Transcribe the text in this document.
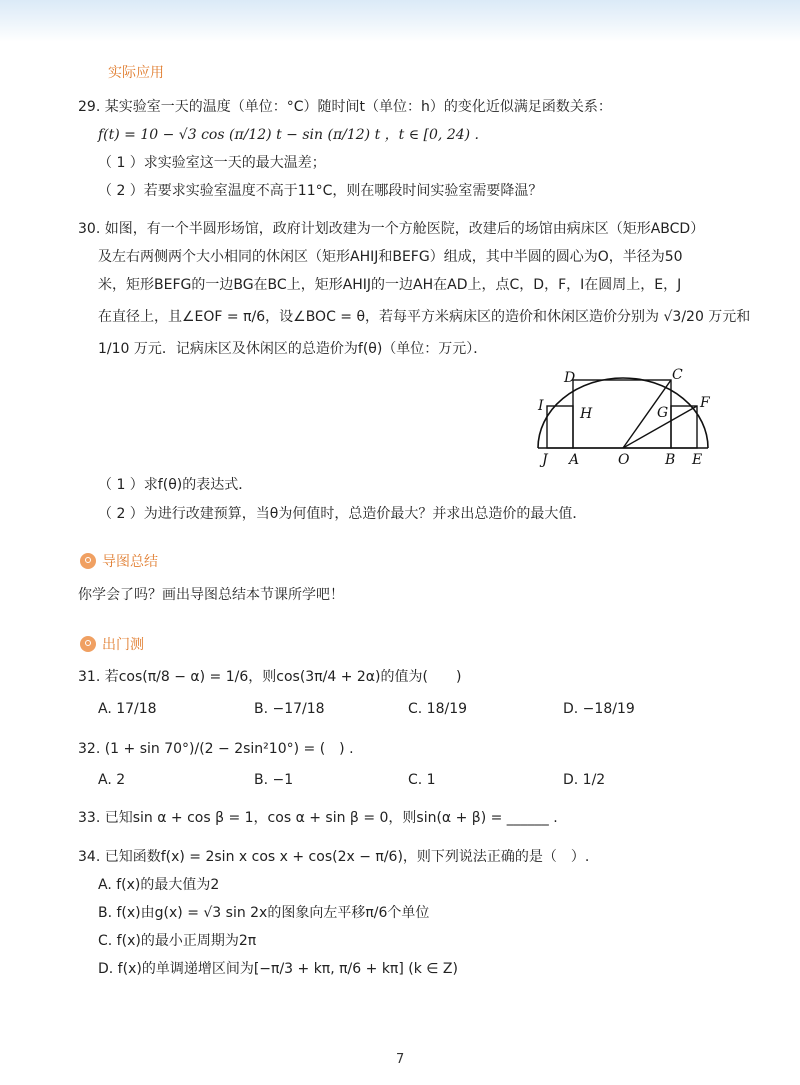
实际应用
29. 某实验室一天的温度（单位：°C）随时间t（单位：h）的变化近似满足函数关系：
f(t) = 10 − √3 cos (π/12) t − sin (π/12) t ，t ∈ [0, 24) .
（ 1 ）求实验室这一天的最大温差；
（ 2 ）若要求实验室温度不高于11°C，则在哪段时间实验室需要降温？
30. 如图，有一个半圆形场馆，政府计划改建为一个方舱医院，改建后的场馆由病床区（矩形ABCD）
及左右两侧两个大小相同的休闲区（矩形AHIJ和BEFG）组成，其中半圆的圆心为O，半径为50
米，矩形BEFG的一边BG在BC上，矩形AHIJ的一边AH在AD上，点C，D，F，I在圆周上，E，J
在直径上，且∠EOF = π/6，设∠BOC = θ，若每平方米病床区的造价和休闲区造价分别为 √3/20 万元和
1/10 万元．记病床区及休闲区的总造价为f(θ)（单位：万元）．
D	C
I	H	G
F
J A	O	B E
（ 1 ）求f(θ)的表达式．
（ 2 ）为进行改建预算，当θ为何值时，总造价最大？并求出总造价的最大值．
导图总结
你学会了吗？画出导图总结本节课所学吧！
出门测
31. 若cos(π/8 − α) = 1/6，则cos(3π/4 + 2α)的值为(　　)
A. 17/18	B. −17/18	C. 18/19	D. −18/19
32. (1 + sin 70°)/(2 − 2sin²10°) = (　) .
A. 2	B. −1	C. 1	D. 1/2
33. 已知sin α + cos β = 1，cos α + sin β = 0，则sin(α + β) = ______ .
34. 已知函数f(x) = 2sin x cos x + cos(2x − π/6)，则下列说法正确的是（　）.
A. f(x)的最大值为2
B. f(x)由g(x) = √3 sin 2x的图象向左平移π/6个单位
C. f(x)的最小正周期为2π
D. f(x)的单调递增区间为[−π/3 + kπ, π/6 + kπ] (k ∈ Z)
7
